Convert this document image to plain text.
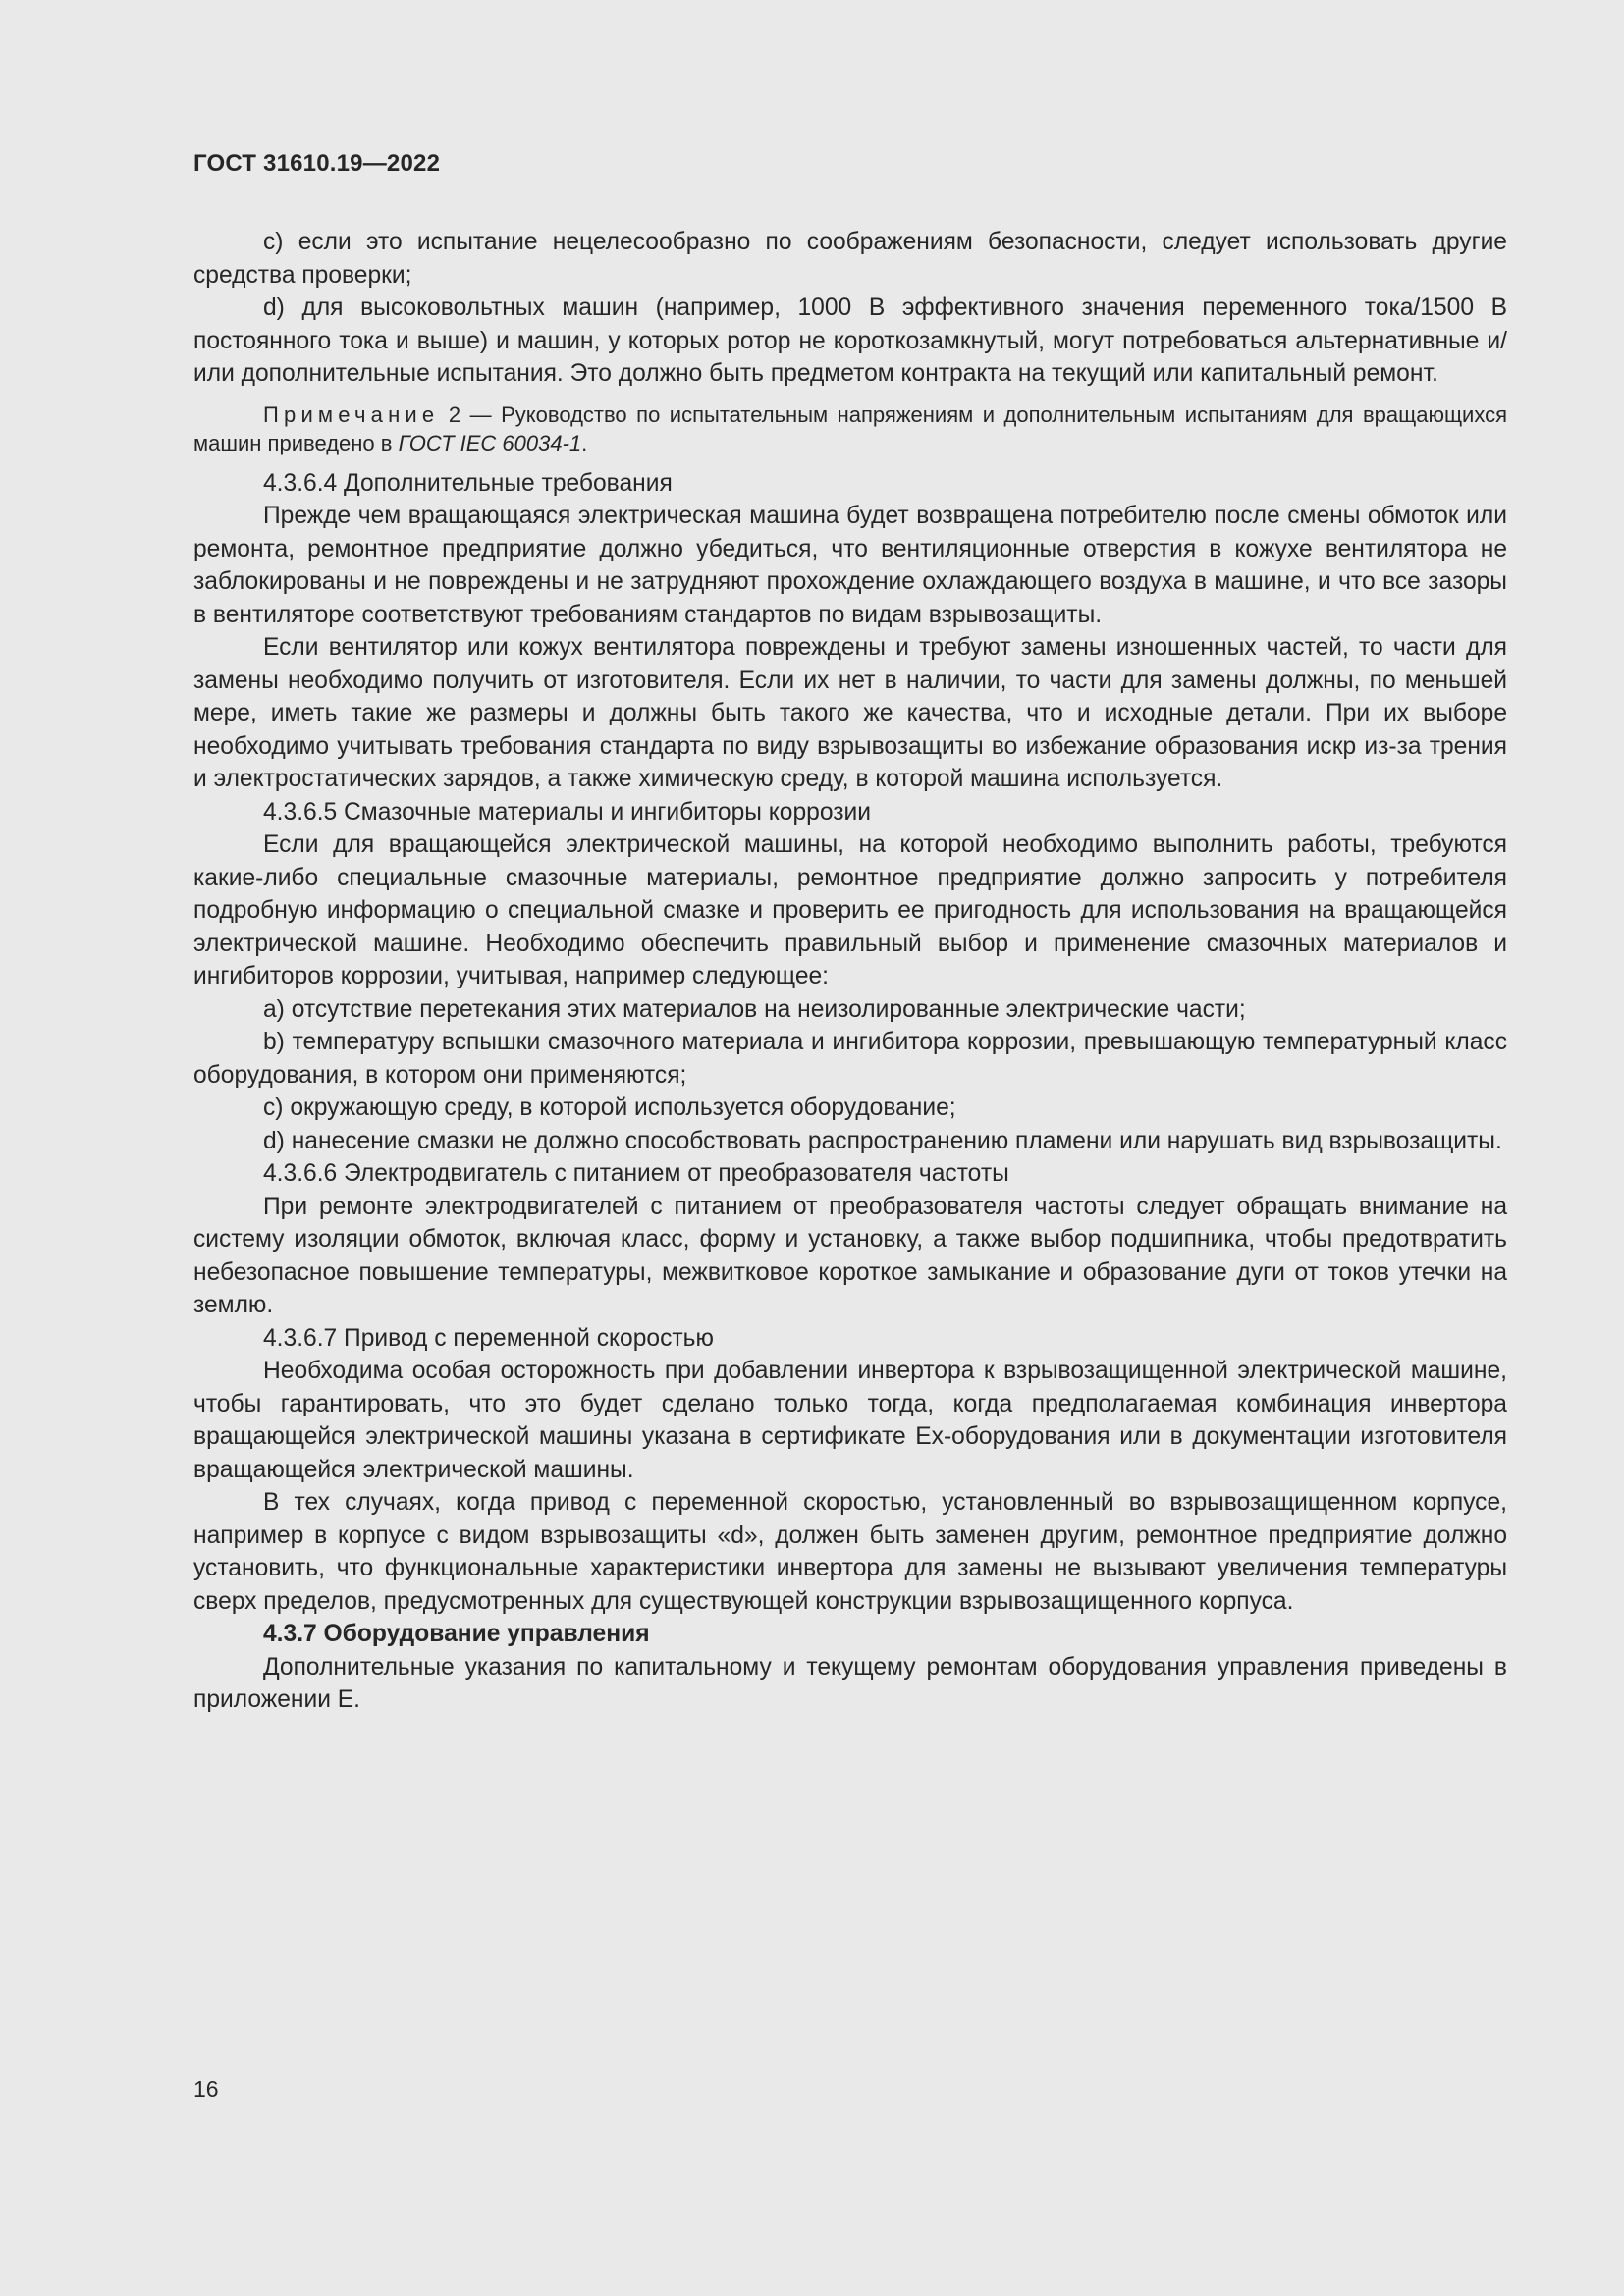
ГОСТ 31610.19—2022

c) если это испытание нецелесообразно по соображениям безопасности, следует использовать другие средства проверки;

d) для высоковольтных машин (например, 1000 В эффективного значения переменного тока/1500 В постоянного тока и выше) и машин, у которых ротор не короткозамкнутый, могут потребоваться альтернативные и/или дополнительные испытания. Это должно быть предметом контракта на текущий или капитальный ремонт.

Примечание 2 — Руководство по испытательным напряжениям и дополнительным испытаниям для вращающихся машин приведено в ГОСТ IEC 60034-1.

4.3.6.4 Дополнительные требования

Прежде чем вращающаяся электрическая машина будет возвращена потребителю после смены обмоток или ремонта, ремонтное предприятие должно убедиться, что вентиляционные отверстия в кожухе вентилятора не заблокированы и не повреждены и не затрудняют прохождение охлаждающего воздуха в машине, и что все зазоры в вентиляторе соответствуют требованиям стандартов по видам взрывозащиты.

Если вентилятор или кожух вентилятора повреждены и требуют замены изношенных частей, то части для замены необходимо получить от изготовителя. Если их нет в наличии, то части для замены должны, по меньшей мере, иметь такие же размеры и должны быть такого же качества, что и исходные детали. При их выборе необходимо учитывать требования стандарта по виду взрывозащиты во избежание образования искр из-за трения и электростатических зарядов, а также химическую среду, в которой машина используется.

4.3.6.5 Смазочные материалы и ингибиторы коррозии

Если для вращающейся электрической машины, на которой необходимо выполнить работы, требуются какие-либо специальные смазочные материалы, ремонтное предприятие должно запросить у потребителя подробную информацию о специальной смазке и проверить ее пригодность для использования на вращающейся электрической машине. Необходимо обеспечить правильный выбор и применение смазочных материалов и ингибиторов коррозии, учитывая, например следующее:

a) отсутствие перетекания этих материалов на неизолированные электрические части;

b) температуру вспышки смазочного материала и ингибитора коррозии, превышающую температурный класс оборудования, в котором они применяются;

c) окружающую среду, в которой используется оборудование;

d) нанесение смазки не должно способствовать распространению пламени или нарушать вид взрывозащиты.

4.3.6.6 Электродвигатель с питанием от преобразователя частоты

При ремонте электродвигателей с питанием от преобразователя частоты следует обращать внимание на систему изоляции обмоток, включая класс, форму и установку, а также выбор подшипника, чтобы предотвратить небезопасное повышение температуры, межвитковое короткое замыкание и образование дуги от токов утечки на землю.

4.3.6.7 Привод с переменной скоростью

Необходима особая осторожность при добавлении инвертора к взрывозащищенной электрической машине, чтобы гарантировать, что это будет сделано только тогда, когда предполагаемая комбинация инвертора вращающейся электрической машины указана в сертификате Ex-оборудования или в документации изготовителя вращающейся электрической машины.

В тех случаях, когда привод с переменной скоростью, установленный во взрывозащищенном корпусе, например в корпусе с видом взрывозащиты «d», должен быть заменен другим, ремонтное предприятие должно установить, что функциональные характеристики инвертора для замены не вызывают увеличения температуры сверх пределов, предусмотренных для существующей конструкции взрывозащищенного корпуса.

4.3.7 Оборудование управления

Дополнительные указания по капитальному и текущему ремонтам оборудования управления приведены в приложении E.

16
